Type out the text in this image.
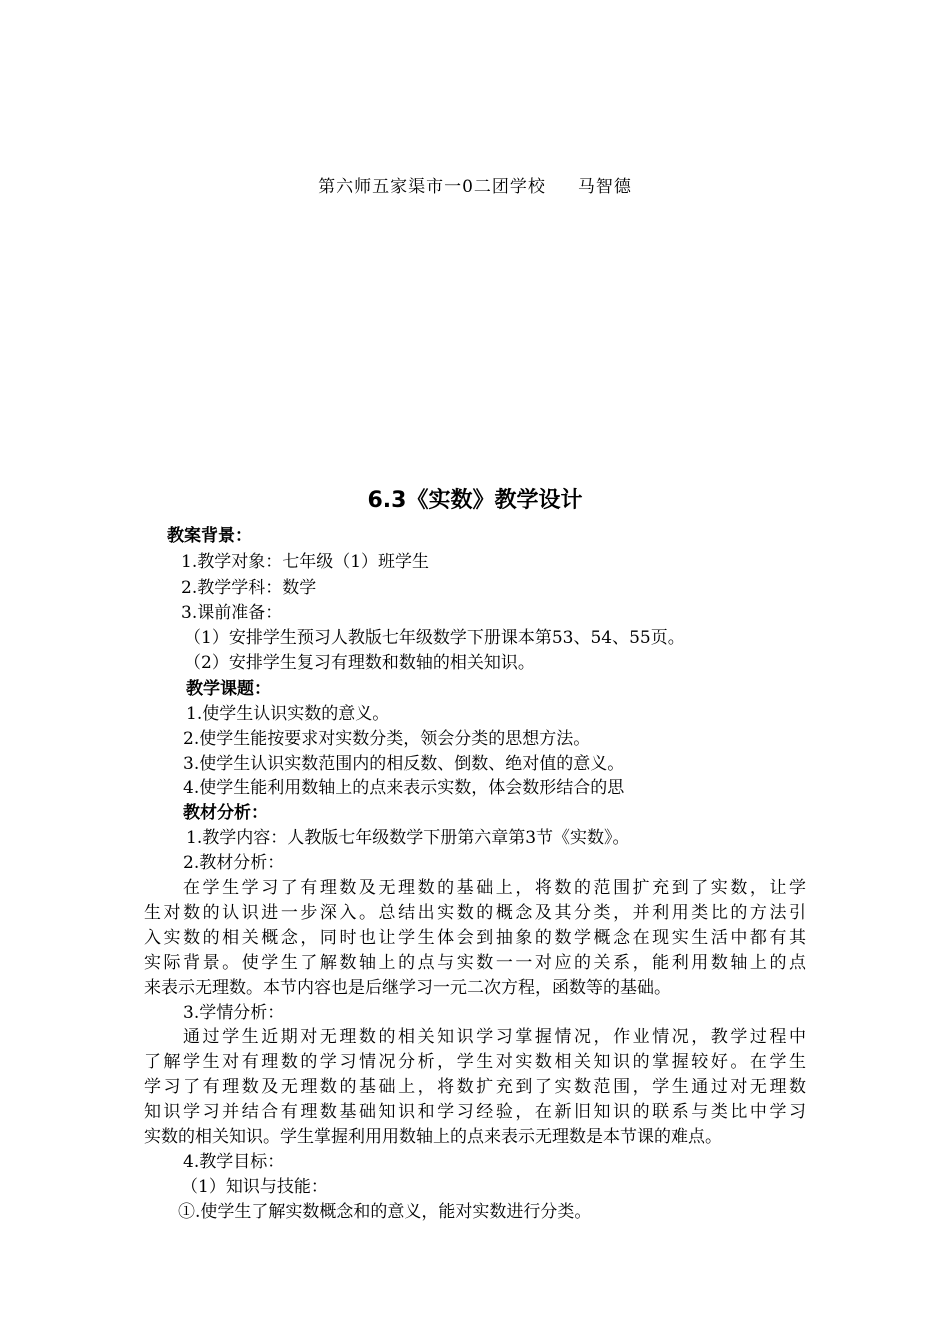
第六师五家渠市一0二团学校     马智德
6.3《实数》教学设计
教案背景：
1.教学对象：七年级（1）班学生
2.教学学科：数学
3.课前准备：
（1）安排学生预习人教版七年级数学下册课本第53、54、55页。
（2）安排学生复习有理数和数轴的相关知识。
教学课题：
1.使学生认识实数的意义。
2.使学生能按要求对实数分类，领会分类的思想方法。
3.使学生认识实数范围内的相反数、倒数、绝对值的意义。
4.使学生能利用数轴上的点来表示实数，体会数形结合的思
教材分析：
1.教学内容：人教版七年级数学下册第六章第3节《实数》。
2.教材分析：
在学生学习了有理数及无理数的基础上，将数的范围扩充到了实数，让学
生对数的认识进一步深入。总结出实数的概念及其分类，并利用类比的方法引
入实数的相关概念，同时也让学生体会到抽象的数学概念在现实生活中都有其
实际背景。使学生了解数轴上的点与实数一一对应的关系，能利用数轴上的点
来表示无理数。本节内容也是后继学习一元二次方程，函数等的基础。
3.学情分析：
通过学生近期对无理数的相关知识学习掌握情况，作业情况，教学过程中
了解学生对有理数的学习情况分析，学生对实数相关知识的掌握较好。在学生
学习了有理数及无理数的基础上，将数扩充到了实数范围，学生通过对无理数
知识学习并结合有理数基础知识和学习经验，在新旧知识的联系与类比中学习
实数的相关知识。学生掌握利用用数轴上的点来表示无理数是本节课的难点。
4.教学目标：
（1）知识与技能：
①.使学生了解实数概念和的意义，能对实数进行分类。
